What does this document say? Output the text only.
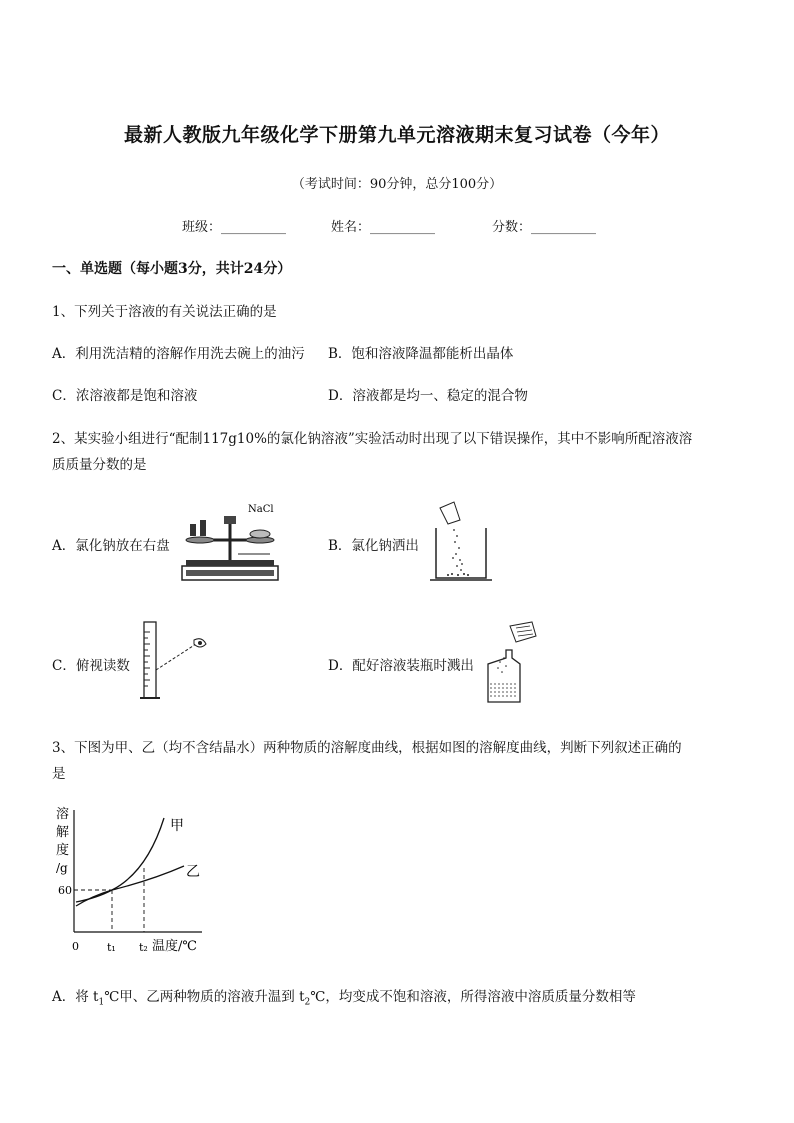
最新人教版九年级化学下册第九单元溶液期末复习试卷（今年）
（考试时间：90分钟，总分100分）
班级：__________	姓名：__________	分数：__________
一、单选题（每小题3分，共计24分）
1、下列关于溶液的有关说法正确的是
A．利用洗洁精的溶解作用洗去碗上的油污 B．饱和溶液降温都能析出晶体
C．浓溶液都是饱和溶液	D．溶液都是均一、稳定的混合物
2、某实验小组进行“配制117g10%的氯化钠溶液”实验活动时出现了以下错误操作，其中不影响所配溶液溶
质质量分数的是
A．氯化钠放在右盘
NaCl
B．氯化钠洒出
C．俯视读数	D．配好溶液装瓶时溅出
3、下图为甲、乙（均不含结晶水）两种物质的溶解度曲线，根据如图的溶解度曲线，判断下列叙述正确的
是
溶
解
度
/g
甲
乙
60
0	t₁ t₂ 温度/℃
A．将 $t_1℃$甲、乙两种物质的溶液升温到 $t_2℃$，均变成不饱和溶液，所得溶液中溶质质量分数相等
